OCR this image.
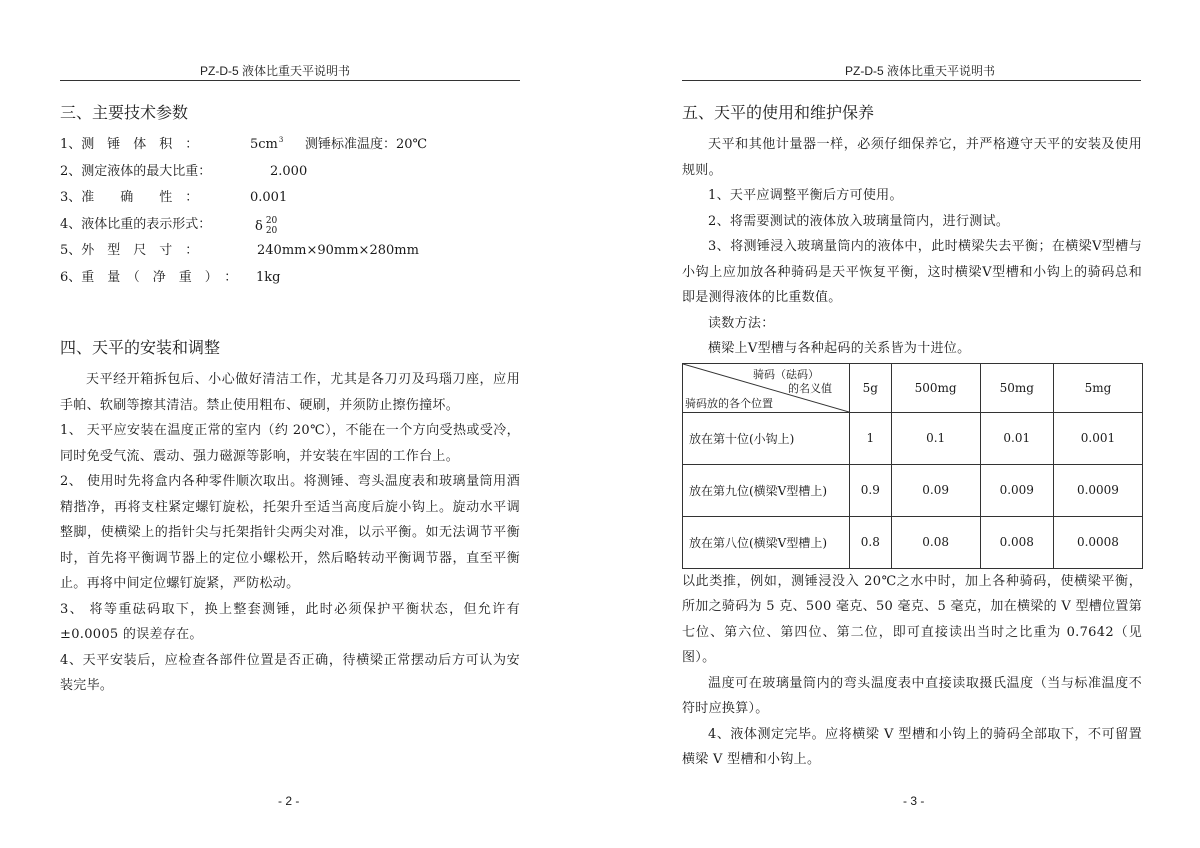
PZ-D-5 液体比重天平说明书	PZ-D-5 液体比重天平说明书
三、主要技术参数
1、测　锤　体　积　：	$5cm^3$ 测锤标准温度：20℃
2、测定液体的最大比重：	2.000
3、准　　确　　性　：	0.001
4、液体比重的表示形式：	δ 20
20
5、外　型　尺　寸　：	240mm×90mm×280mm
6、重　量　（　净　重　）　： 1kg
四、天平的安装和调整

天平经开箱拆包后、小心做好清洁工作，尤其是各刀刃及玛瑙刀座，应用手帕、软刷等擦其清洁。禁止使用粗布、硬刷，并须防止擦伤撞坏。

1、 天平应安装在温度正常的室内（约 20℃），不能在一个方向受热或受冷，同时免受气流、震动、强力磁源等影响，并安装在牢固的工作台上。

2、 使用时先将盒内各种零件顺次取出。将测锤、弯头温度表和玻璃量筒用酒精揩净，再将支柱紧定螺钉旋松，托架升至适当高度后旋小钩上。旋动水平调整脚，使横梁上的指针尖与托架指针尖两尖对准，以示平衡。如无法调节平衡时，首先将平衡调节器上的定位小螺松开，然后略转动平衡调节器，直至平衡止。再将中间定位螺钉旋紧，严防松动。

3、 将等重砝码取下，换上整套测锤，此时必须保护平衡状态，但允许有±0.0005 的误差存在。

4、天平安装后，应检查各部件位置是否正确，待横梁正常摆动后方可认为安装完毕。

五、天平的使用和维护保养

天平和其他计量器一样，必须仔细保养它，并严格遵守天平的安装及使用规则。

1、天平应调整平衡后方可使用。

2、将需要测试的液体放入玻璃量筒内，进行测试。

3、将测锤浸入玻璃量筒内的液体中，此时横梁失去平衡；在横梁Ⅴ型槽与小钩上应加放各种骑码是天平恢复平衡，这时横梁Ⅴ型槽和小钩上的骑码总和即是测得液体的比重数值。

读数方法：

横梁上Ⅴ型槽与各种起码的关系皆为十进位。

骑码（砝码）
的名义值
骑码放的各个位置	5g	500mg	50mg	5mg
放在第十位(小钩上)	1	0.1	0.01	0.001
放在第九位(横梁Ⅴ型槽上)	0.9	0.09	0.009	0.0009
放在第八位(横梁Ⅴ型槽上)	0.8	0.08	0.008	0.0008

以此类推，例如，测锤浸没入 20℃之水中时，加上各种骑码，使横梁平衡，所加之骑码为 5 克、500 毫克、50 毫克、5 毫克，加在横梁的 V 型槽位置第七位、第六位、第四位、第二位，即可直接读出当时之比重为 0.7642（见图）。

温度可在玻璃量筒内的弯头温度表中直接读取摄氏温度（当与标准温度不符时应换算）。

4、液体测定完毕。应将横梁 V 型槽和小钩上的骑码全部取下，不可留置横梁 V 型槽和小钩上。

- 2 -	- 3 -
